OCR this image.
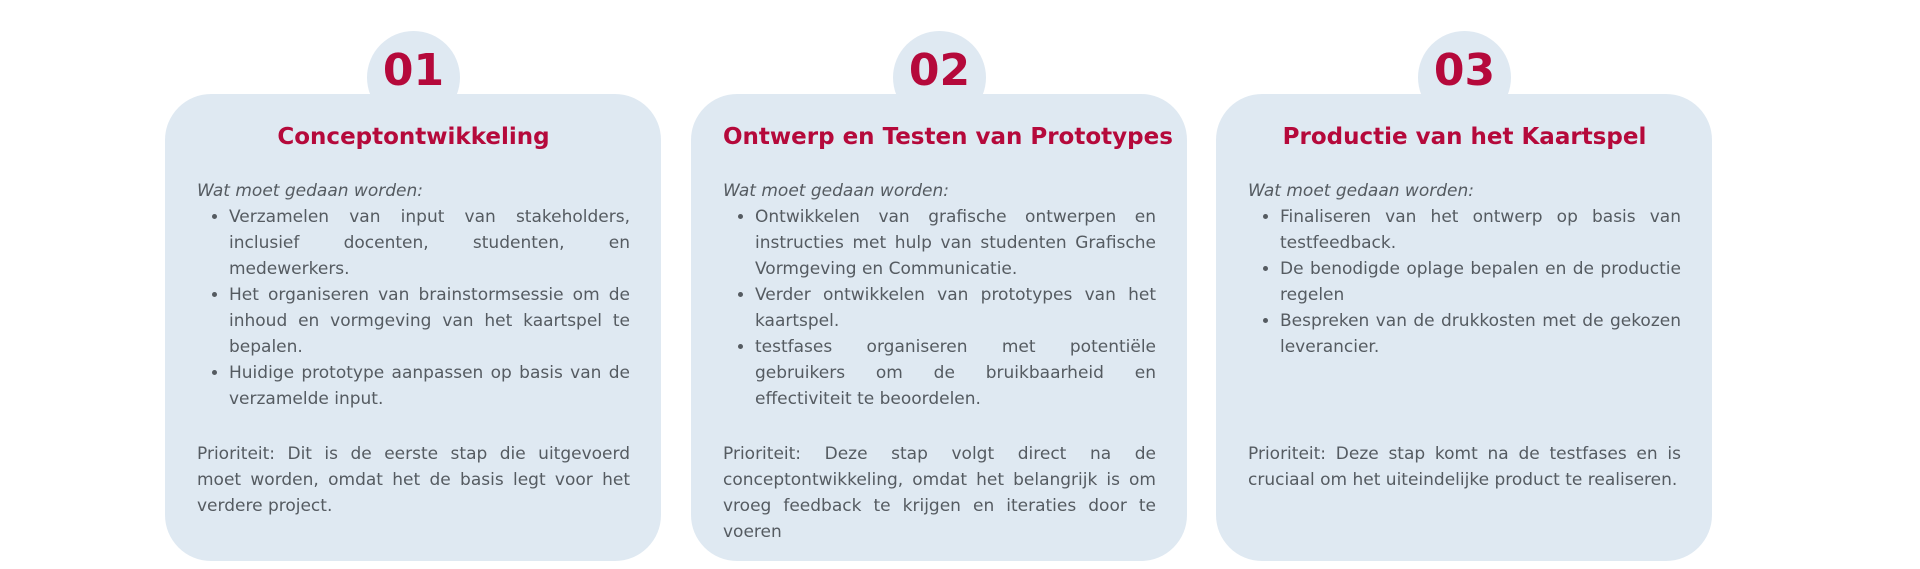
Conceptontwikkeling

Wat moet gedaan worden:

• Verzamelen van input van stakeholders, inclusief docenten, studenten, en medewerkers.
• Het organiseren van brainstormsessie om de inhoud en vormgeving van het kaartspel te bepalen.
• Huidige prototype aanpassen op basis van de verzamelde input.

Prioriteit: Dit is de eerste stap die uitgevoerd moet worden, omdat het de basis legt voor het verdere project.

01
Ontwerp en Testen van Prototypes

Wat moet gedaan worden:

• Ontwikkelen van grafische ontwerpen en instructies met hulp van studenten Grafische Vormgeving en Communicatie.
• Verder ontwikkelen van prototypes van het kaartspel.
• testfases organiseren met potentiële gebruikers om de bruikbaarheid en effectiviteit te beoordelen.

Prioriteit: Deze stap volgt direct na de conceptontwikkeling, omdat het belangrijk is om vroeg feedback te krijgen en iteraties door te voeren

02
Productie van het Kaartspel

Wat moet gedaan worden:

• Finaliseren van het ontwerp op basis van testfeedback.
• De benodigde oplage bepalen en de productie regelen
• Bespreken van de drukkosten met de gekozen leverancier.

Prioriteit: Deze stap komt na de testfases en is cruciaal om het uiteindelijke product te realiseren.

03
